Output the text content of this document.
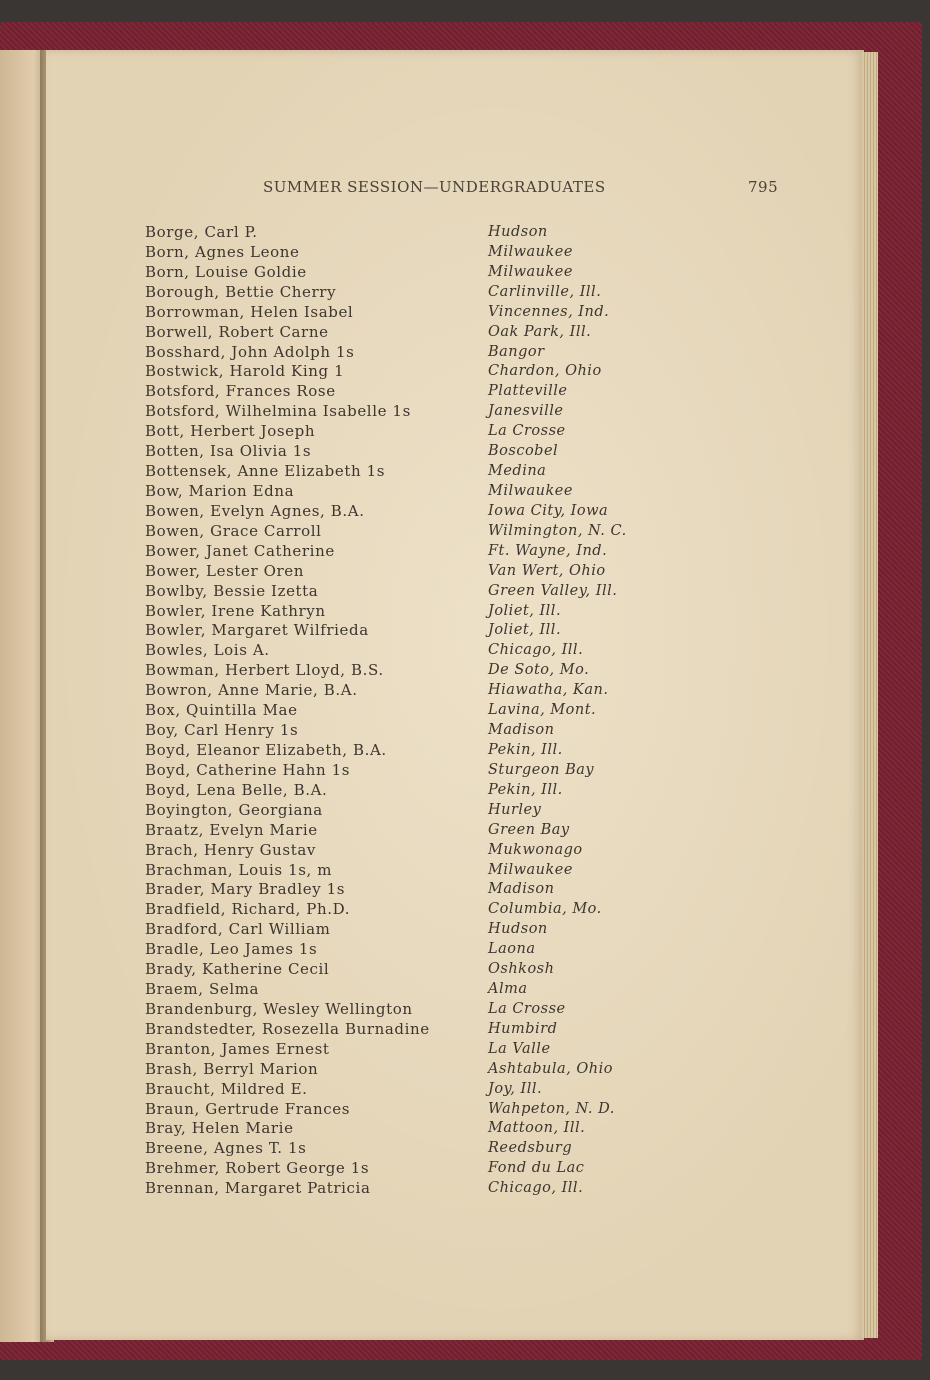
SUMMER SESSION—UNDERGRADUATES	795
Borge, Carl P.	Hudson
Born, Agnes Leone	Milwaukee
Born, Louise Goldie	Milwaukee
Borough, Bettie Cherry	Carlinville, Ill.
Borrowman, Helen Isabel	Vincennes, Ind.
Borwell, Robert Carne	Oak Park, Ill.
Bosshard, John Adolph 1s	Bangor
Bostwick, Harold King 1	Chardon, Ohio
Botsford, Frances Rose	Platteville
Botsford, Wilhelmina Isabelle 1s	Janesville
Bott, Herbert Joseph	La Crosse
Botten, Isa Olivia 1s	Boscobel
Bottensek, Anne Elizabeth 1s	Medina
Bow, Marion Edna	Milwaukee
Bowen, Evelyn Agnes, B.A.	Iowa City, Iowa
Bowen, Grace Carroll	Wilmington, N. C.
Bower, Janet Catherine	Ft. Wayne, Ind.
Bower, Lester Oren	Van Wert, Ohio
Bowlby, Bessie Izetta	Green Valley, Ill.
Bowler, Irene Kathryn	Joliet, Ill.
Bowler, Margaret Wilfrieda	Joliet, Ill.
Bowles, Lois A.	Chicago, Ill.
Bowman, Herbert Lloyd, B.S.	De Soto, Mo.
Bowron, Anne Marie, B.A.	Hiawatha, Kan.
Box, Quintilla Mae	Lavina, Mont.
Boy, Carl Henry 1s	Madison
Boyd, Eleanor Elizabeth, B.A.	Pekin, Ill.
Boyd, Catherine Hahn 1s	Sturgeon Bay
Boyd, Lena Belle, B.A.	Pekin, Ill.
Boyington, Georgiana	Hurley
Braatz, Evelyn Marie	Green Bay
Brach, Henry Gustav	Mukwonago
Brachman, Louis 1s, m	Milwaukee
Brader, Mary Bradley 1s	Madison
Bradfield, Richard, Ph.D.	Columbia, Mo.
Bradford, Carl William	Hudson
Bradle, Leo James 1s	Laona
Brady, Katherine Cecil	Oshkosh
Braem, Selma	Alma
Brandenburg, Wesley Wellington	La Crosse
Brandstedter, Rosezella Burnadine	Humbird
Branton, James Ernest	La Valle
Brash, Berryl Marion	Ashtabula, Ohio
Braucht, Mildred E.	Joy, Ill.
Braun, Gertrude Frances	Wahpeton, N. D.
Bray, Helen Marie	Mattoon, Ill.
Breene, Agnes T. 1s	Reedsburg
Brehmer, Robert George 1s	Fond du Lac
Brennan, Margaret Patricia	Chicago, Ill.
